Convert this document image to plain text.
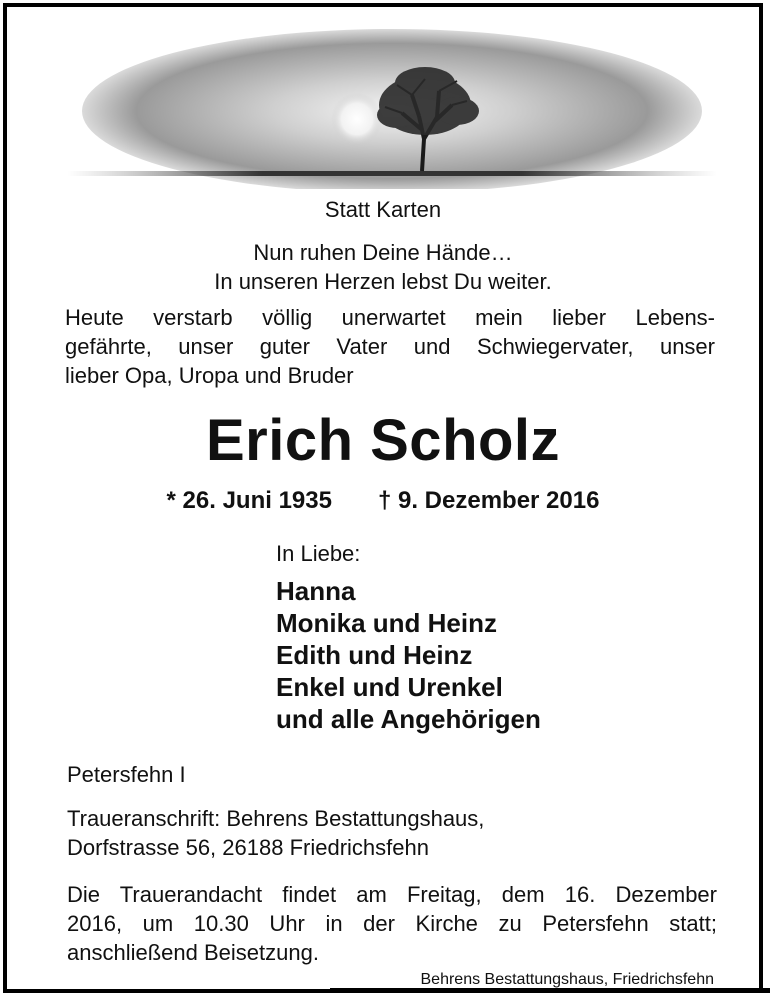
Statt Karten
Nun ruhen Deine Hände…
In unseren Herzen lebst Du weiter.
Heute verstarb völlig unerwartet mein lieber Lebens-
gefährte, unser guter Vater und Schwiegervater, unser
lieber Opa, Uropa und Bruder
Erich Scholz
* 26. Juni 1935 † 9. Dezember 2016
In Liebe:
Hanna
Monika und Heinz
Edith und Heinz
Enkel und Urenkel
und alle Angehörigen
Petersfehn I
Traueranschrift: Behrens Bestattungshaus,
Dorfstrasse 56, 26188 Friedrichsfehn
Die Trauerandacht findet am Freitag, dem 16. Dezember
2016, um 10.30 Uhr in der Kirche zu Petersfehn statt;
anschließend Beisetzung.
Behrens Bestattungshaus, Friedrichsfehn
